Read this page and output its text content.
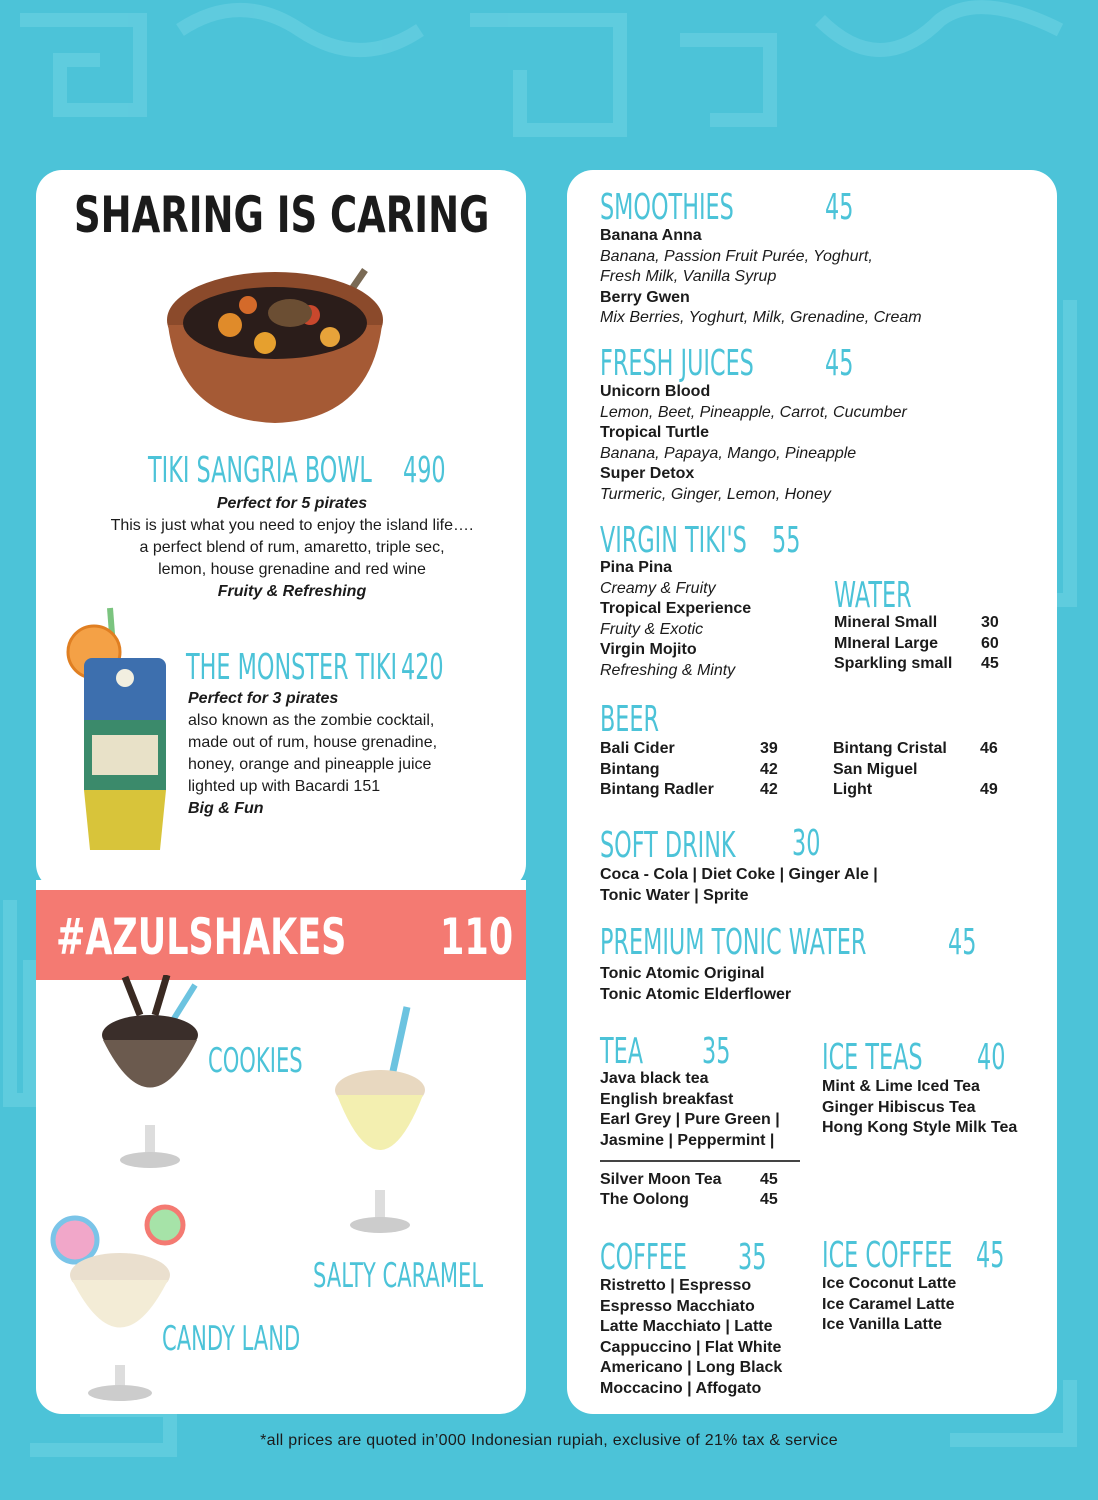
SHARING IS CARING
TIKI SANGRIA BOWL 490
Perfect for 5 pirates
This is just what you need to enjoy the island life….
a perfect blend of rum, amaretto, triple sec,
lemon, house grenadine and red wine
Fruity & Refreshing
THE MONSTER TIKI 420
Perfect for 3 pirates
also known as the zombie cocktail,
made out of rum, house grenadine,
honey, orange and pineapple juice
lighted up with Bacardi 151
Big & Fun
#AZULSHAKES 110
COOKIES
SALTY CARAMEL
CANDY LAND
SMOOTHIES	45
Banana Anna
Banana, Passion Fruit Purée, Yoghurt,
Fresh Milk, Vanilla Syrup
Berry Gwen
Mix Berries, Yoghurt, Milk, Grenadine, Cream
FRESH JUICES 45
Unicorn Blood
Lemon, Beet, Pineapple, Carrot, Cucumber
Tropical Turtle
Banana, Papaya, Mango, Pineapple
Super Detox
Turmeric, Ginger, Lemon, Honey
VIRGIN TIKI'S 55
Pina Pina
Creamy & Fruity
Tropical Experience
Fruity & Exotic
Virgin Mojito
Refreshing & Minty
WATER
Mineral Small	30
MIneral Large	60
Sparkling small 45
BEER
Bali Cider	39
Bintang	42
Bintang Radler	42
Bintang Cristal 46
San Miguel
Light	49
SOFT DRINK 30
Coca - Cola | Diet Coke | Ginger Ale |
Tonic Water | Sprite
PREMIUM TONIC WATER 45
Tonic Atomic Original
Tonic Atomic Elderflower
TEA 35
Java black tea
English breakfast
Earl Grey | Pure Green |
Jasmine | Peppermint |
Silver Moon Tea 45
The Oolong	45
ICE TEAS 40
Mint & Lime Iced Tea
Ginger Hibiscus Tea
Hong Kong Style Milk Tea
COFFEE 35
Ristretto | Espresso
Espresso Macchiato
Latte Macchiato | Latte
Cappuccino | Flat White
Americano | Long Black
Moccacino | Affogato
ICE COFFEE 45
Ice Coconut Latte
Ice Caramel Latte
Ice Vanilla Latte
*all prices are quoted in’000 Indonesian rupiah, exclusive of 21% tax & service
